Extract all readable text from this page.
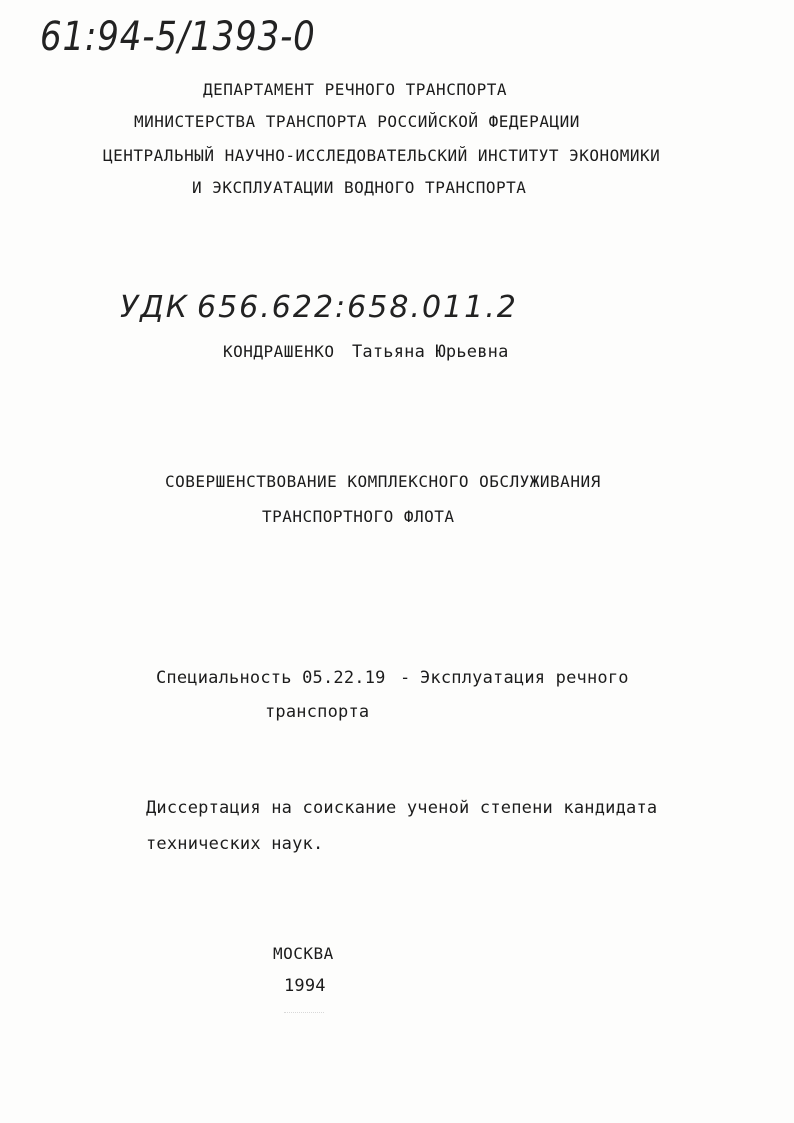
61:94-5/1393-0
ДЕПАРТАМЕНТ РЕЧНОГО ТРАНСПОРТА
МИНИСТЕРСТВА ТРАНСПОРТА РОССИЙСКОЙ ФЕДЕРАЦИИ
ЦЕНТРАЛЬНЫЙ НАУЧНО-ИССЛЕДОВАТЕЛЬСКИЙ ИНСТИТУТ ЭКОНОМИКИ
И ЭКСПЛУАТАЦИИ ВОДНОГО ТРАНСПОРТА
УДК 656.622:658.011.2
КОНДРАШЕНКО Татьяна Юрьевна
СОВЕРШЕНСТВОВАНИЕ КОМПЛЕКСНОГО ОБСЛУЖИВАНИЯ
ТРАНСПОРТНОГО ФЛОТА
Специальность 05.22.19 - Эксплуатация речного
транспорта
Диссертация на соискание ученой степени кандидата
технических наук.
МОСКВА
1994
